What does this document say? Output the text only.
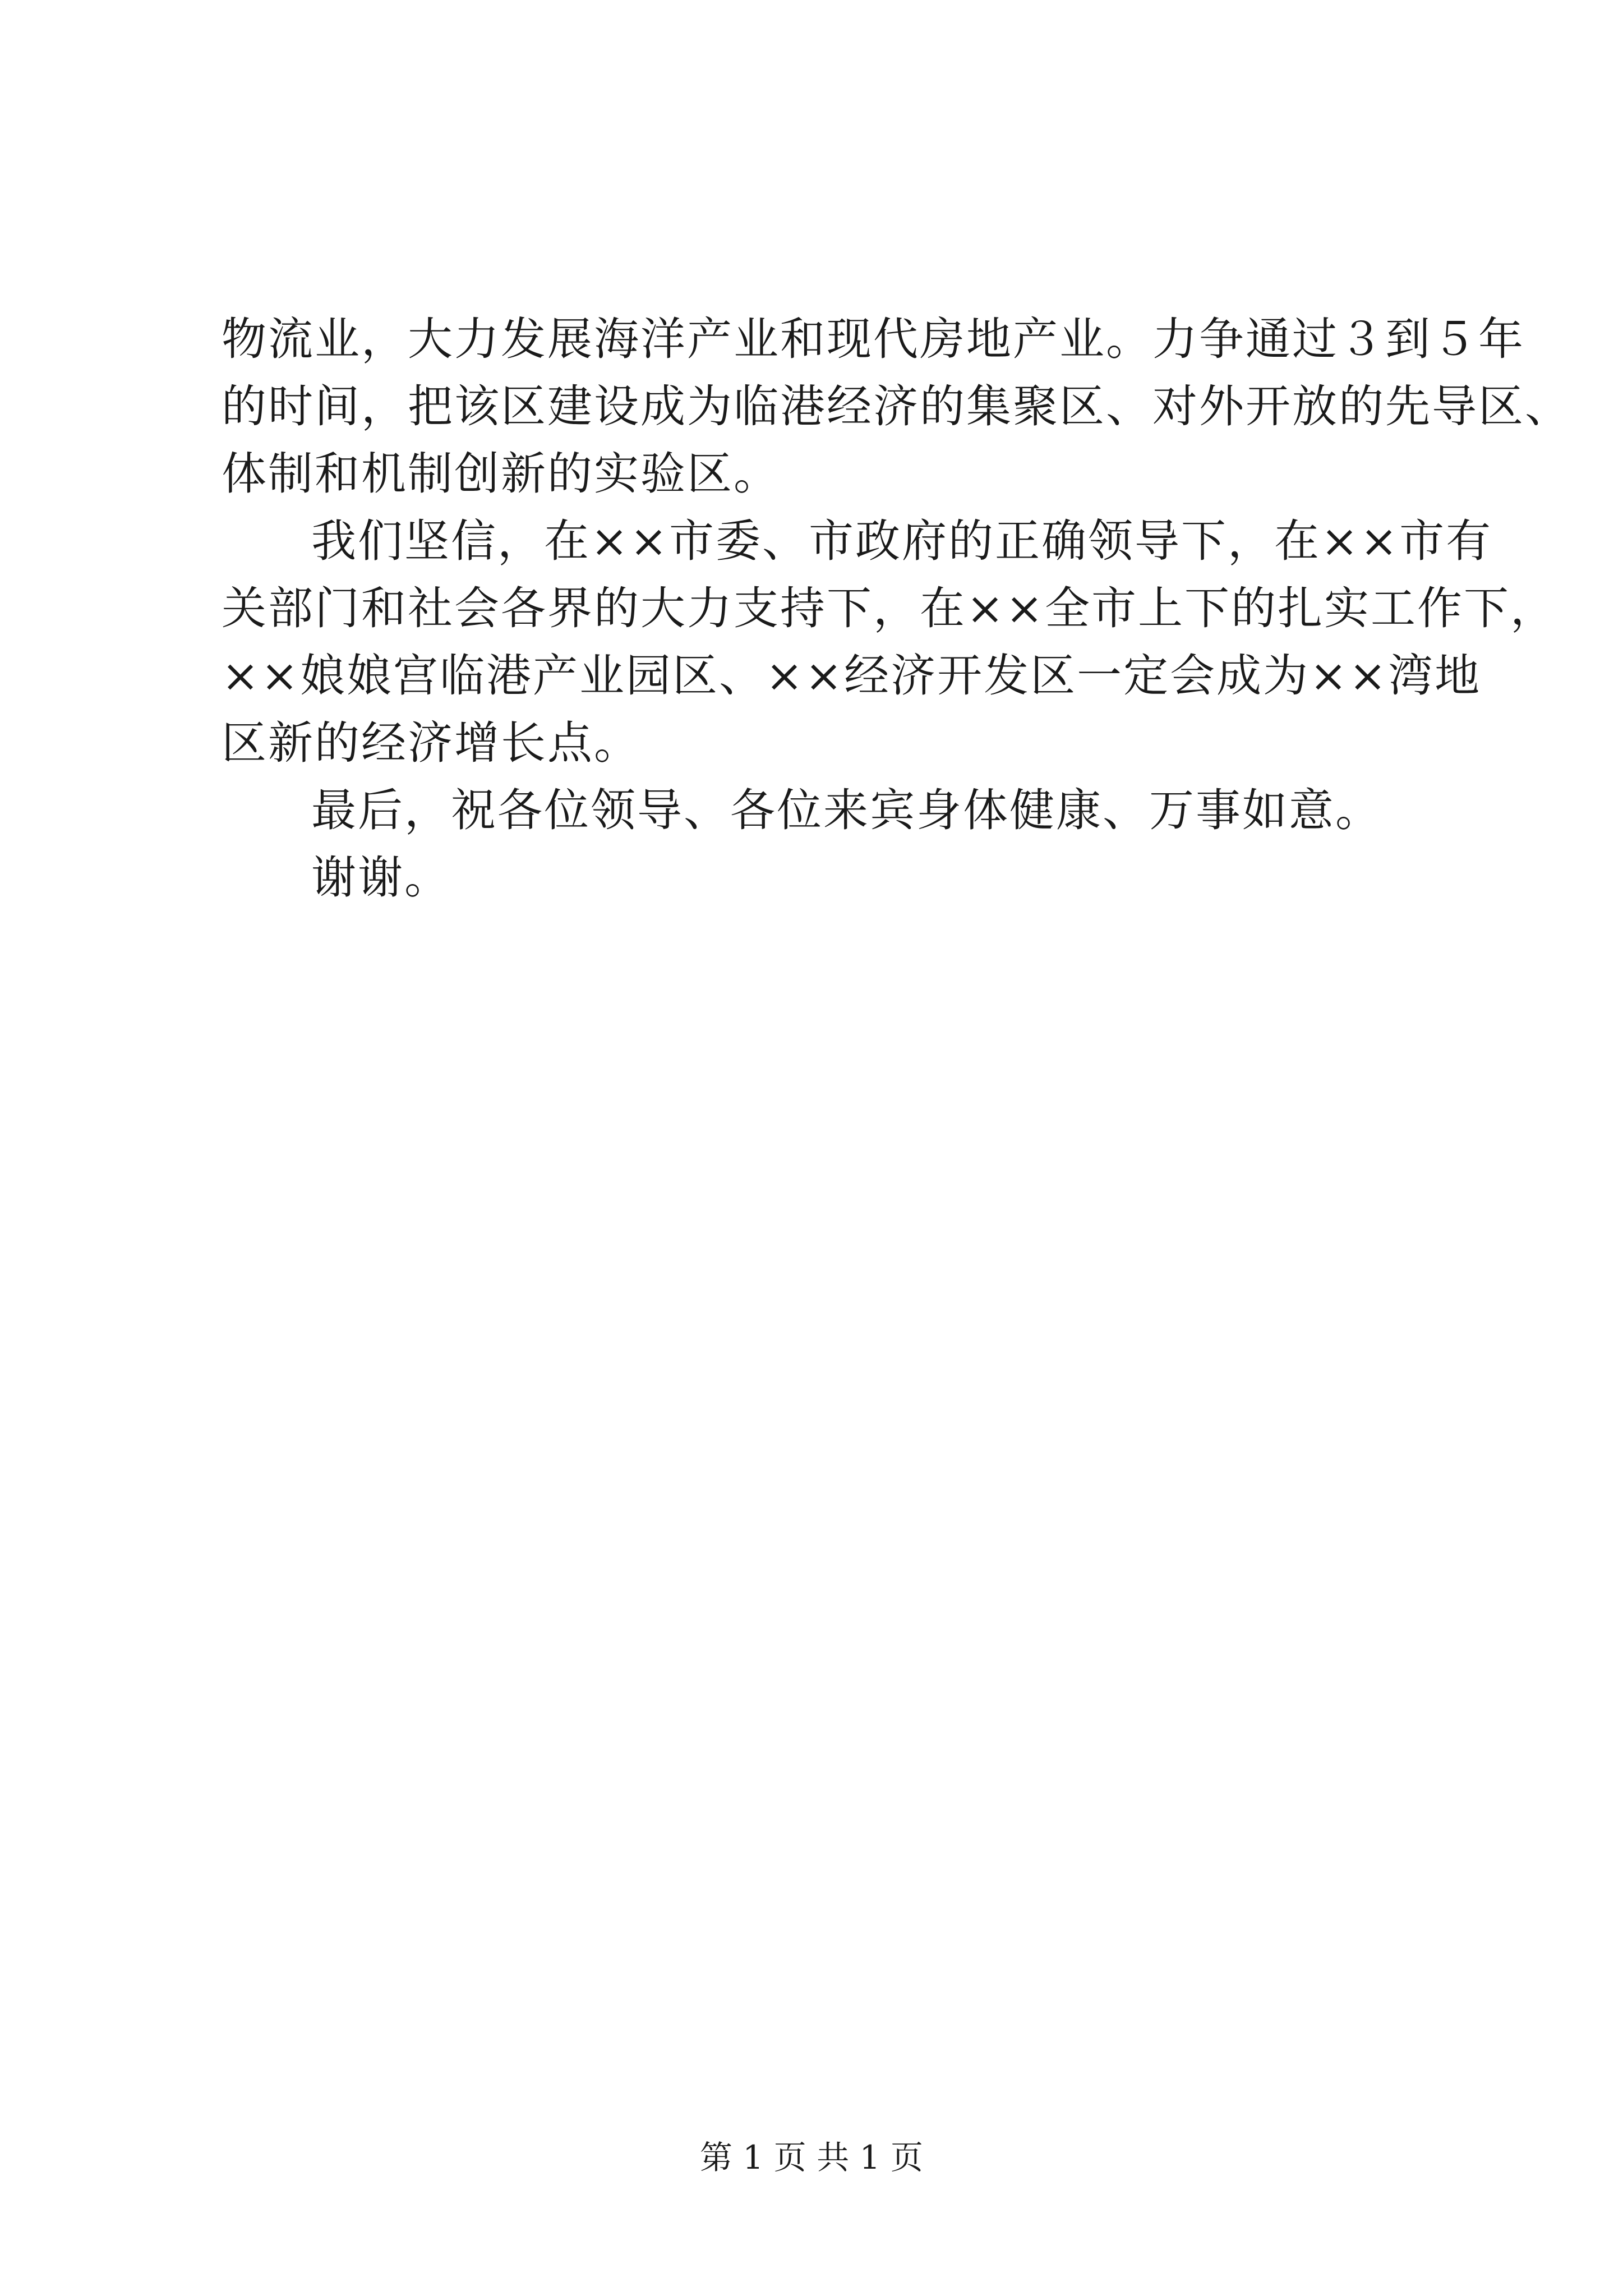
物流业，大力发展海洋产业和现代房地产业。力争通过３到５年
的时间，把该区建设成为临港经济的集聚区、对外开放的先导区、
体制和机制创新的实验区。
我们坚信，在××市委、市政府的正确领导下，在××市有
关部门和社会各界的大力支持下，在××全市上下的扎实工作下，
××娘娘宫临港产业园区、××经济开发区一定会成为××湾地
区新的经济增长点。
最后，祝各位领导、各位来宾身体健康、万事如意。
谢谢。
第 1 页 共 1 页
